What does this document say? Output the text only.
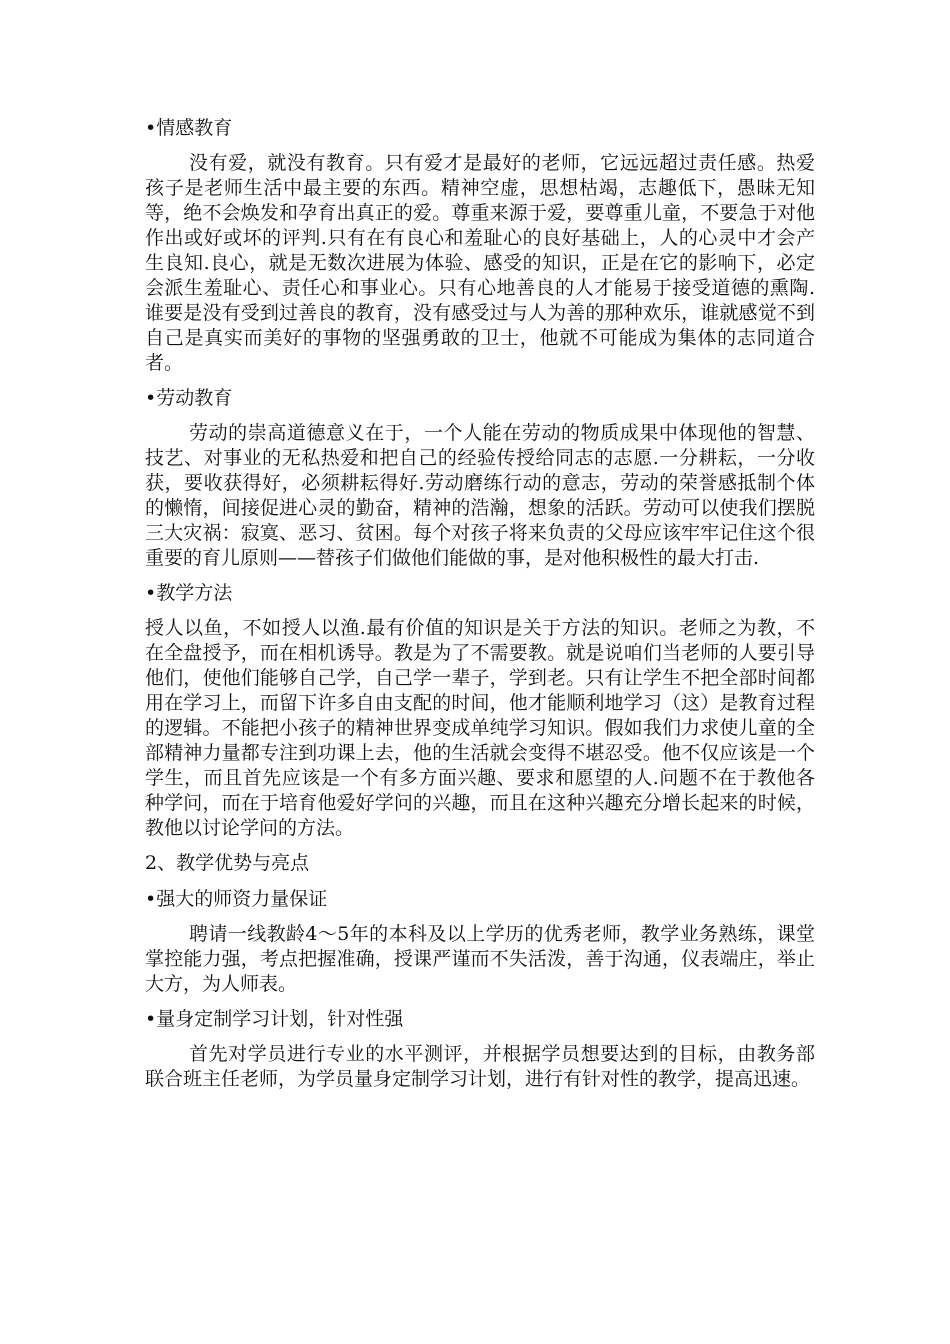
•情感教育

没有爱，就没有教育。只有爱才是最好的老师，它远远超过责任感。热爱孩子是老师生活中最主要的东西。精神空虚，思想枯竭，志趣低下，愚昧无知等，绝不会焕发和孕育出真正的爱。尊重来源于爱，要尊重儿童，不要急于对他作出或好或坏的评判.只有在有良心和羞耻心的良好基础上，人的心灵中才会产生良知.良心，就是无数次进展为体验、感受的知识，正是在它的影响下，必定会派生羞耻心、责任心和事业心。只有心地善良的人才能易于接受道德的熏陶.谁要是没有受到过善良的教育，没有感受过与人为善的那种欢乐，谁就感觉不到自己是真实而美好的事物的坚强勇敢的卫士，他就不可能成为集体的志同道合者。

•劳动教育

劳动的崇高道德意义在于，一个人能在劳动的物质成果中体现他的智慧、技艺、对事业的无私热爱和把自己的经验传授给同志的志愿.一分耕耘，一分收获，要收获得好，必须耕耘得好.劳动磨练行动的意志，劳动的荣誉感抵制个体的懒惰，间接促进心灵的勤奋，精神的浩瀚，想象的活跃。劳动可以使我们摆脱三大灾祸：寂寞、恶习、贫困。每个对孩子将来负责的父母应该牢牢记住这个很重要的育儿原则——替孩子们做他们能做的事，是对他积极性的最大打击.

•教学方法

授人以鱼，不如授人以渔.最有价值的知识是关于方法的知识。老师之为教，不在全盘授予，而在相机诱导。教是为了不需要教。就是说咱们当老师的人要引导他们，使他们能够自己学，自己学一辈子，学到老。只有让学生不把全部时间都用在学习上，而留下许多自由支配的时间，他才能顺利地学习（这）是教育过程的逻辑。不能把小孩子的精神世界变成单纯学习知识。假如我们力求使儿童的全部精神力量都专注到功课上去，他的生活就会变得不堪忍受。他不仅应该是一个学生，而且首先应该是一个有多方面兴趣、要求和愿望的人.问题不在于教他各种学问，而在于培育他爱好学问的兴趣，而且在这种兴趣充分增长起来的时候，教他以讨论学问的方法。

2、教学优势与亮点
•强大的师资力量保证

聘请一线教龄4～5年的本科及以上学历的优秀老师，教学业务熟练，课堂掌控能力强，考点把握准确，授课严谨而不失活泼，善于沟通，仪表端庄，举止大方，为人师表。

•量身定制学习计划，针对性强

首先对学员进行专业的水平测评，并根据学员想要达到的目标，由教务部联合班主任老师，为学员量身定制学习计划，进行有针对性的教学，提高迅速。
